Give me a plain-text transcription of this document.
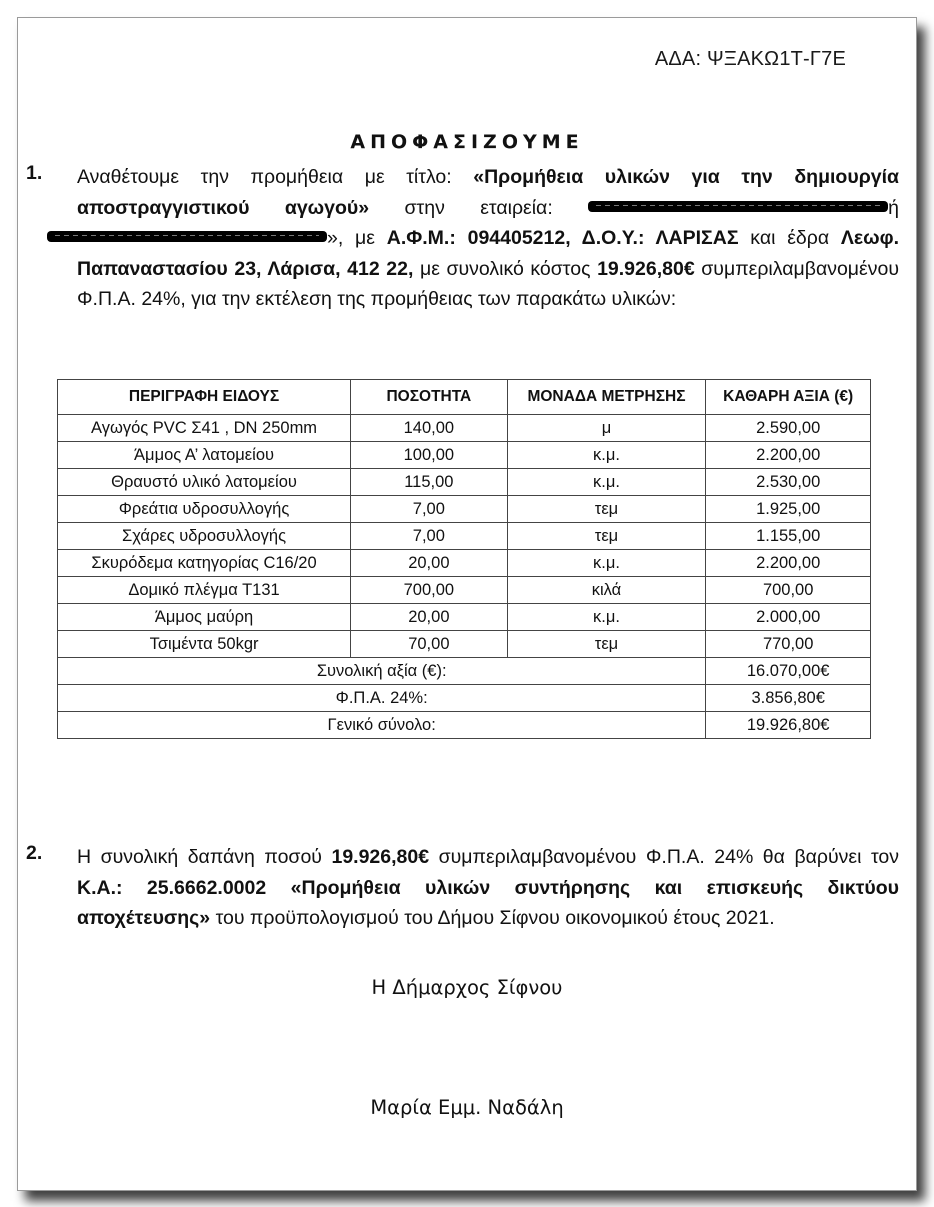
ΑΔΑ: ΨΞΑΚΩ1Τ-Γ7Ε
ΑΠΟΦΑΣΙΖΟΥΜΕ
1. Αναθέτουμε την προμήθεια με τίτλο: «Προμήθεια υλικών για την δημιουργία αποστραγγιστικού αγωγού» στην εταιρεία:	ή », με Α.Φ.Μ.: 094405212, Δ.Ο.Υ.: ΛΑΡΙΣΑΣ και έδρα Λεωφ. Παπαναστασίου 23, Λάρισα, 412 22, με συνολικό κόστος 19.926,80€ συμπεριλαμβανομένου Φ.Π.Α. 24%, για την εκτέλεση της προμήθειας των παρακάτω υλικών:
ΠΕΡΙΓΡΑΦΗ ΕΙΔΟΥΣ	ΠΟΣΟΤΗΤΑ	ΜΟΝΑΔΑ ΜΕΤΡΗΣΗΣ	ΚΑΘΑΡΗ ΑΞΙΑ (€)
Αγωγός PVC Σ41 , DN 250mm	140,00	μ	2.590,00
Άμμος Α’ λατομείου	100,00	κ.μ.	2.200,00
Θραυστό υλικό λατομείου	115,00	κ.μ.	2.530,00
Φρεάτια υδροσυλλογής	7,00	τεμ	1.925,00
Σχάρες υδροσυλλογής	7,00	τεμ	1.155,00
Σκυρόδεμα κατηγορίας C16/20	20,00	κ.μ.	2.200,00
Δομικό πλέγμα Τ131	700,00	κιλά	700,00
Άμμος μαύρη	20,00	κ.μ.	2.000,00
Τσιμέντα 50kgr	70,00	τεμ	770,00
Συνολική αξία (€):			16.070,00€
Φ.Π.Α. 24%:			3.856,80€
Γενικό σύνολο:			19.926,80€
2. Η συνολική δαπάνη ποσού 19.926,80€ συμπεριλαμβανομένου Φ.Π.Α. 24% θα βαρύνει τον Κ.Α.: 25.6662.0002 «Προμήθεια υλικών συντήρησης και επισκευής δικτύου αποχέτευσης» του προϋπολογισμού του Δήμου Σίφνου οικονομικού έτους 2021.
Η Δήμαρχος Σίφνου
Μαρία Εμμ. Ναδάλη
